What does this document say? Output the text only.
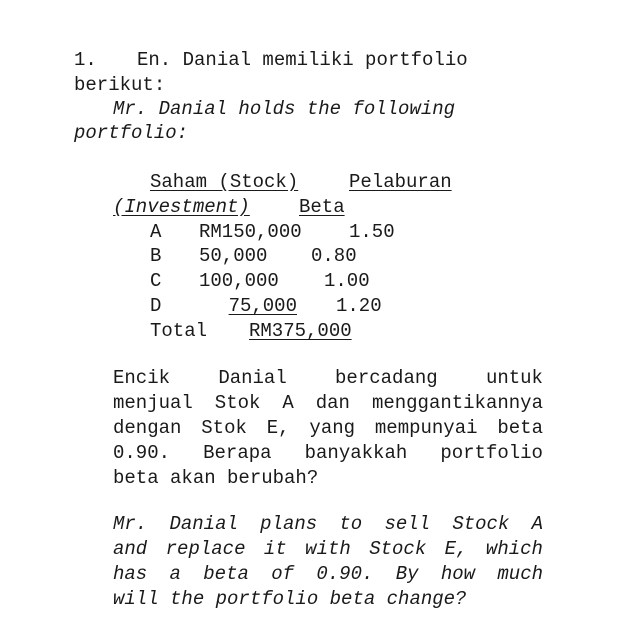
1. En. Danial memiliki portfolio
berikut:
Mr. Danial holds the following
portfolio:
Saham (Stock)	Pelaburan
(Investment)	Beta
A RM150,000 1.50
B 50,000 0.80
C 100,000 1.00
D	75,000 1.20
Total RM375,000
Encik	Danial	bercadang	untuk
menjual Stok A dan menggantikannya
dengan Stok E, yang mempunyai beta
0.90. Berapa banyakkah portfolio
beta akan berubah?
Mr. Danial plans to sell Stock A
and replace it with Stock E, which
has a beta of 0.90. By how much
will the portfolio beta change?
